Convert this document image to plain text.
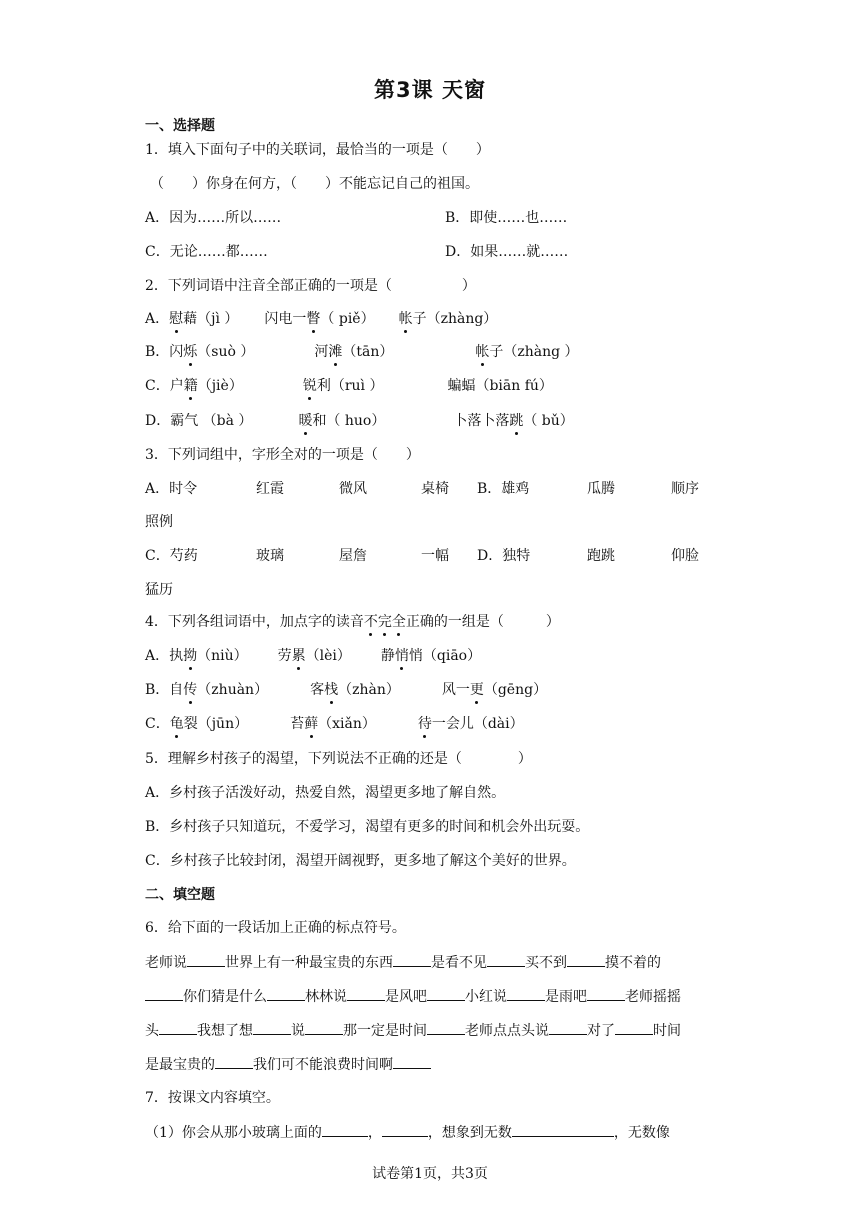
第3课 天窗
一、选择题
1．填入下面句子中的关联词，最恰当的一项是（　　）
（　　）你身在何方，（　　）不能忘记自己的祖国。
A．因为……所以……	B．即使……也……
C．无论……都……	D．如果……就……
2．下列词语中注音全部正确的一项是（　　　　　）
A．慰藉（jì ） 闪电一瞥（ piě） 帐子（zhàng）
B．闪烁（suò ）	河滩（tān）	帐子（zhàng ）
C．户籍（jiè）	锐利（ruì ）	蝙蝠（biān fú）
D．霸气 （bà ）	暖和（ huo）	卜落卜落跳（ bǔ）
3．下列词组中，字形全对的一项是（　　）
A．时令	红霞	微风	桌椅 B．雄鸡	瓜腾	顺序
照例
C．芍药	玻璃	屋詹	一幅 D．独特	跑跳	仰脸
猛历
4．下列各组词语中，加点字的读音不完全正确的一组是（　　　）
A．执拗（niù） 劳累（lèi） 静悄悄（qiāo）
B．自传（zhuàn）	客栈（zhàn）	风一更（gēng）
C．龟裂（jūn）	苔藓（xiǎn）	待一会儿（dài）
5．理解乡村孩子的渴望，下列说法不正确的还是（　　　　）
A．乡村孩子活泼好动，热爱自然，渴望更多地了解自然。
B．乡村孩子只知道玩，不爱学习，渴望有更多的时间和机会外出玩耍。
C．乡村孩子比较封闭，渴望开阔视野，更多地了解这个美好的世界。
二、填空题
6．给下面的一段话加上正确的标点符号。
老师说	世界上有一种最宝贵的东西	是看不见	买不到	摸不着的
你们猜是什么	林林说	是风吧	小红说	是雨吧	老师摇摇
头	我想了想	说	那一定是时间	老师点点头说	对了	时间
是最宝贵的	我们可不能浪费时间啊
7．按课文内容填空。
（1）你会从那小玻璃上面的	，	，想象到无数	，无数像
试卷第1页，共3页
